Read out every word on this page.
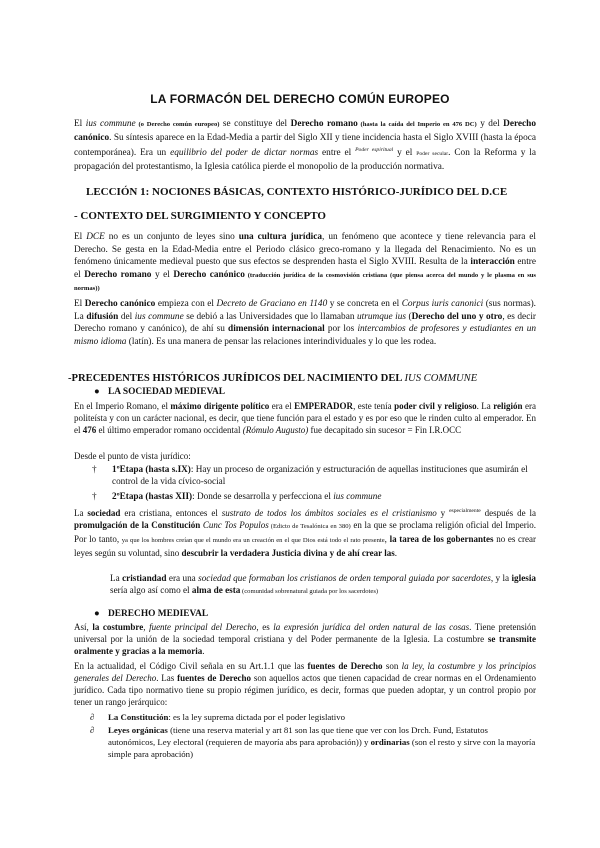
LA FORMACÓN DEL DERECHO COMÚN EUROPEO
El ius commune (o Derecho común europeo) se constituye del Derecho romano (hasta la caída del Imperio en 476 DC) y del Derecho canónico. Su síntesis aparece en la Edad-Media a partir del Siglo XII y tiene incidencia hasta el Siglo XVIII (hasta la época contemporánea). Era un equilibrio del poder de dictar normas entre el $^{Poder espiritual}$ y el Poder secular. Con la Reforma y la propagación del protestantismo, la Iglesia católica pierde el monopolio de la producción normativa.
LECCIÓN 1: NOCIONES BÁSICAS, CONTEXTO HISTÓRICO-JURÍDICO DEL D.CE
- CONTEXTO DEL SURGIMIENTO Y CONCEPTO
El DCE no es un conjunto de leyes sino una cultura jurídica, un fenómeno que acontece y tiene relevancia para el Derecho. Se gesta en la Edad-Media entre el Periodo clásico greco-romano y la llegada del Renacimiento. No es un fenómeno únicamente medieval puesto que sus efectos se desprenden hasta el Siglo XVIII. Resulta de la interacción entre el Derecho romano y el Derecho canónico (traducción jurídica de la cosmovisión cristiana (que piensa acerca del mundo y le plasma en sus normas))
El Derecho canónico empieza con el Decreto de Graciano en 1140 y se concreta en el Corpus iuris canonici (sus normas). La difusión del ius commune se debió a las Universidades que lo llamaban utrumque ius (Derecho del uno y otro, es decir Derecho romano y canónico), de ahí su dimensión internacional por los intercambios de profesores y estudiantes en un mismo idioma (latín). Es una manera de pensar las relaciones interindividuales y lo que les rodea.
-PRECEDENTES HISTÓRICOS JURÍDICOS DEL NACIMIENTO DEL IUS COMMUNE
● LA SOCIEDAD MEDIEVAL
En el Imperio Romano, el máximo dirigente político era el EMPERADOR, este tenía poder civil y religioso. La religión era politeísta y con un carácter nacional, es decir, que tiene función para el estado y es por eso que le rinden culto al emperador. En el 476 el último emperador romano occidental (Rómulo Augusto) fue decapitado sin sucesor = Fin I.R.OCC
Desde el punto de vista jurídico:
†	1ºEtapa (hasta s.IX): Hay un proceso de organización y estructuración de aquellas instituciones que asumirán el control de la vida cívico-social
†	2ºEtapa (hastas XII): Donde se desarrolla y perfecciona el ius commune
La sociedad era cristiana, entonces el sustrato de todos los ámbitos sociales es el cristianismo y $^{especialmente}$ después de la promulgación de la Constitución Cunc Tos Populos (Edicto de Tesalónica en 380) en la que se proclama religión oficial del Imperio. Por lo tanto, ya que los hombres creían que el mundo era un creación en el que Dios está todo el rato presente, la tarea de los gobernantes no es crear leyes según su voluntad, sino descubrir la verdadera Justicia divina y de ahí crear las.
La cristiandad era una sociedad que formaban los cristianos de orden temporal guiada por sacerdotes, y la iglesia sería algo así como el alma de esta (comunidad sobrenatural guiada por los sacerdotes)
● DERECHO MEDIEVAL
Así, la costumbre, fuente principal del Derecho, es la expresión jurídica del orden natural de las cosas. Tiene pretensión universal por la unión de la sociedad temporal cristiana y del Poder permanente de la Iglesia. La costumbre se transmite oralmente y gracias a la memoria.
En la actualidad, el Código Civil señala en su Art.1.1 que las fuentes de Derecho son la ley, la costumbre y los principios generales del Derecho. Las fuentes de Derecho son aquellos actos que tienen capacidad de crear normas en el Ordenamiento jurídico. Cada tipo normativo tiene su propio régimen jurídico, es decir, formas que pueden adoptar, y un control propio por tener un rango jerárquico:
∂	La Constitución: es la ley suprema dictada por el poder legislativo
∂	Leyes orgánicas (tiene una reserva material y art 81 son las que tiene que ver con los Drch. Fund, Estatutos autonómicos, Ley electoral (requieren de mayoría abs para aprobación)) y ordinarias (son el resto y sirve con la mayoría simple para aprobación)
